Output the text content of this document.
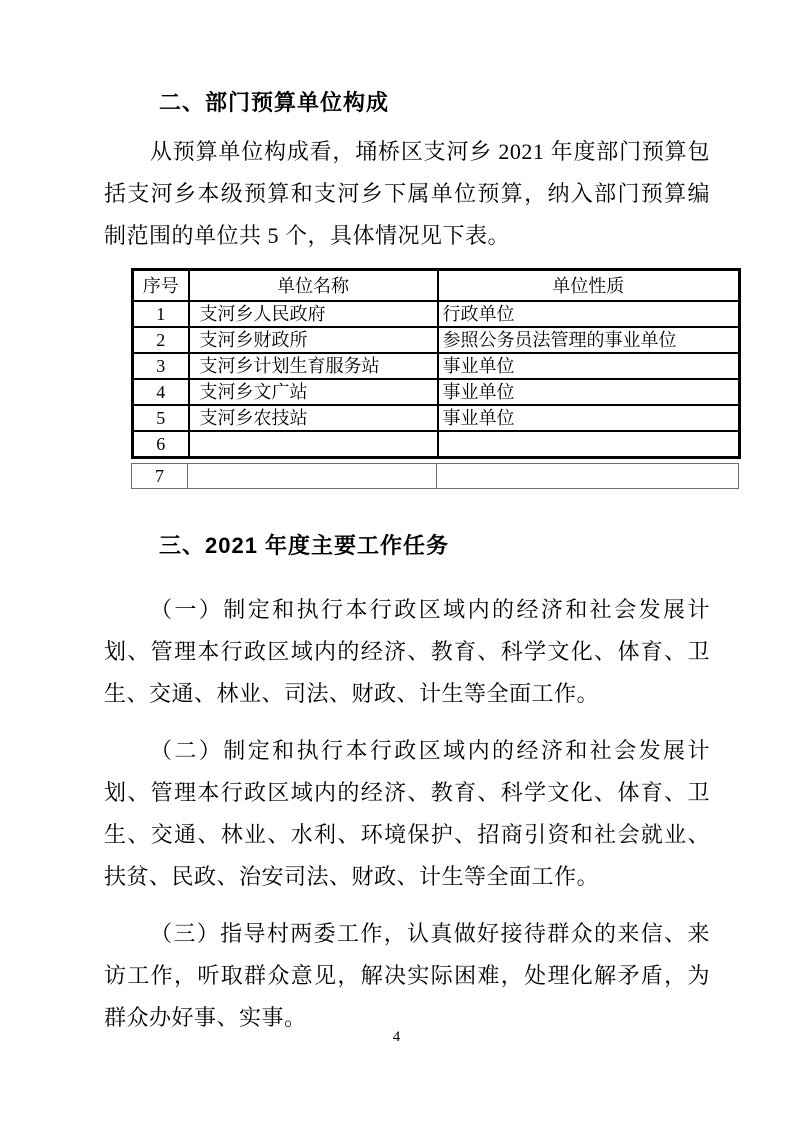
二、部门预算单位构成

从预算单位构成看，埇桥区支河乡 2021 年度部门预算包括支河乡本级预算和支河乡下属单位预算，纳入部门预算编制范围的单位共 5 个，具体情况见下表。

序号	单位名称	单位性质
1	支河乡人民政府	行政单位
2	支河乡财政所	参照公务员法管理的事业单位
3	支河乡计划生育服务站	事业单位
4	支河乡文广站	事业单位
5	支河乡农技站	事业单位
6		
7		
三、2021 年度主要工作任务

（一）制定和执行本行政区域内的经济和社会发展计划、管理本行政区域内的经济、教育、科学文化、体育、卫生、交通、林业、司法、财政、计生等全面工作。

（二）制定和执行本行政区域内的经济和社会发展计划、管理本行政区域内的经济、教育、科学文化、体育、卫生、交通、林业、水利、环境保护、招商引资和社会就业、扶贫、民政、治安司法、财政、计生等全面工作。

（三）指导村两委工作，认真做好接待群众的来信、来访工作，听取群众意见，解决实际困难，处理化解矛盾，为群众办好事、实事。

4
